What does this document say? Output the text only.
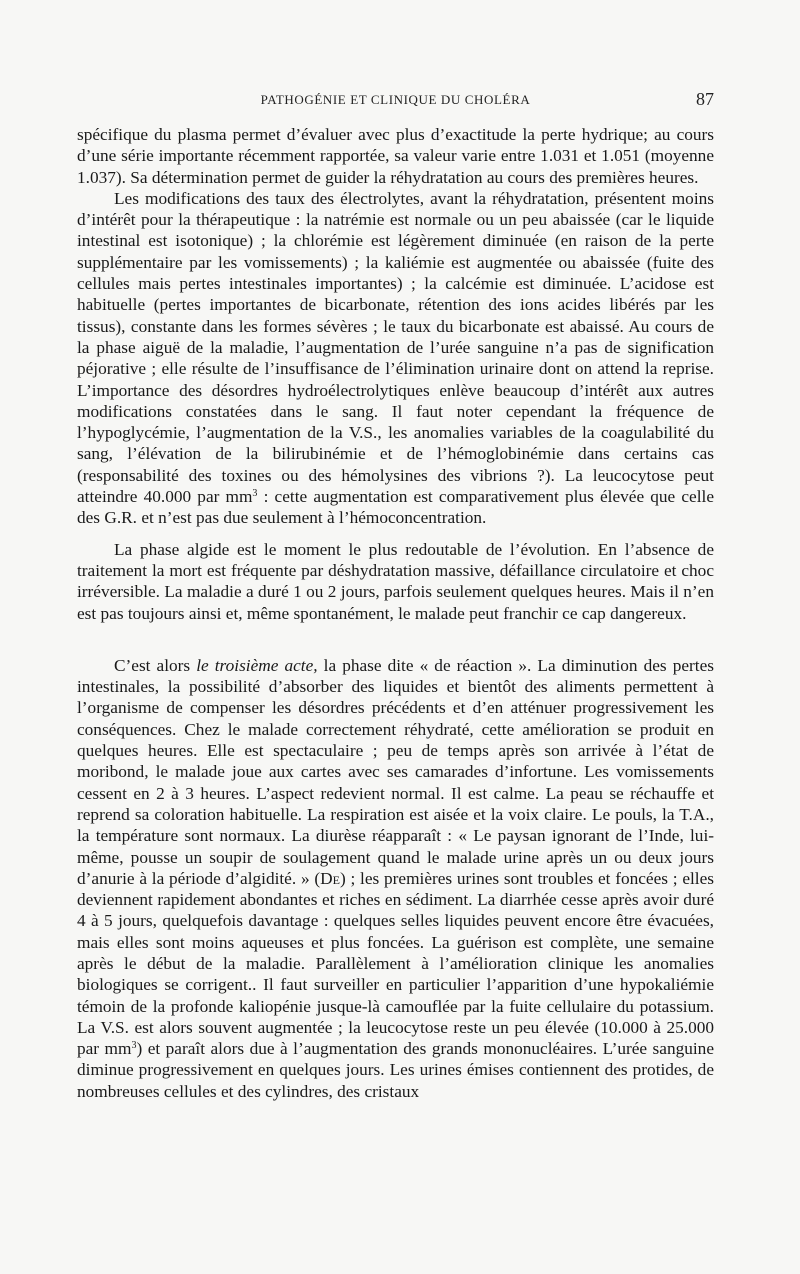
PATHOGÉNIE ET CLINIQUE DU CHOLÉRA	87

spécifique du plasma permet d’évaluer avec plus d’exactitude la perte hydrique; au cours d’une série importante récemment rapportée, sa valeur varie entre 1.031 et 1.051 (moyenne 1.037). Sa détermination permet de guider la réhydratation au cours des premières heures.

Les modifications des taux des électrolytes, avant la réhydratation, présentent moins d’intérêt pour la thérapeutique : la natrémie est normale ou un peu abaissée (car le liquide intestinal est isotonique) ; la chlorémie est légèrement diminuée (en raison de la perte supplémentaire par les vomissements) ; la kaliémie est augmentée ou abaissée (fuite des cellules mais pertes intestinales importantes) ; la calcémie est diminuée. L’acidose est habituelle (pertes importantes de bicarbonate, rétention des ions acides libérés par les tissus), constante dans les formes sévères ; le taux du bicarbonate est abaissé. Au cours de la phase aiguë de la maladie, l’augmentation de l’urée sanguine n’a pas de signification péjorative ; elle résulte de l’insuffisance de l’élimination urinaire dont on attend la reprise. L’importance des désordres hydroélectrolytiques enlève beaucoup d’intérêt aux autres modifications constatées dans le sang. Il faut noter cependant la fréquence de l’hypoglycémie, l’augmentation de la V.S., les anomalies variables de la coagulabilité du sang, l’élévation de la bilirubinémie et de l’hémoglobinémie dans certains cas (responsabilité des toxines ou des hémolysines des vibrions ?). La leucocytose peut atteindre 40.000 par $mm^3$ : cette augmentation est comparativement plus élevée que celle des G.R. et n’est pas due seulement à l’hémoconcentration.

La phase algide est le moment le plus redoutable de l’évolution. En l’absence de traitement la mort est fréquente par déshydratation massive, défaillance circulatoire et choc irréversible. La maladie a duré 1 ou 2 jours, parfois seulement quelques heures. Mais il n’en est pas toujours ainsi et, même spontanément, le malade peut franchir ce cap dangereux.

C’est alors le troisième acte, la phase dite « de réaction ». La diminution des pertes intestinales, la possibilité d’absorber des liquides et bientôt des aliments permettent à l’organisme de compenser les désordres précédents et d’en atténuer progressivement les conséquences. Chez le malade correctement réhydraté, cette amélioration se produit en quelques heures. Elle est spectaculaire ; peu de temps après son arrivée à l’état de moribond, le malade joue aux cartes avec ses camarades d’infortune. Les vomissements cessent en 2 à 3 heures. L’aspect redevient normal. Il est calme. La peau se réchauffe et reprend sa coloration habituelle. La respiration est aisée et la voix claire. Le pouls, la T.A., la température sont normaux. La diurèse réapparaît : « Le paysan ignorant de l’Inde, lui-même, pousse un soupir de soulagement quand le malade urine après un ou deux jours d’anurie à la période d’algidité. » (De) ; les premières urines sont troubles et foncées ; elles deviennent rapidement abondantes et riches en sédiment. La diarrhée cesse après avoir duré 4 à 5 jours, quelquefois davantage : quelques selles liquides peuvent encore être évacuées, mais elles sont moins aqueuses et plus foncées. La guérison est complète, une semaine après le début de la maladie. Parallèlement à l’amélioration clinique les anomalies biologiques se corrigent.. Il faut surveiller en particulier l’apparition d’une hypokaliémie témoin de la profonde kaliopénie jusque-là camouflée par la fuite cellulaire du potassium. La V.S. est alors souvent augmentée ; la leucocytose reste un peu élevée (10.000 à 25.000 par $mm^3$) et paraît alors due à l’augmentation des grands mononucléaires. L’urée sanguine diminue progressivement en quelques jours. Les urines émises contiennent des protides, de nombreuses cellules et des cylindres, des cristaux
